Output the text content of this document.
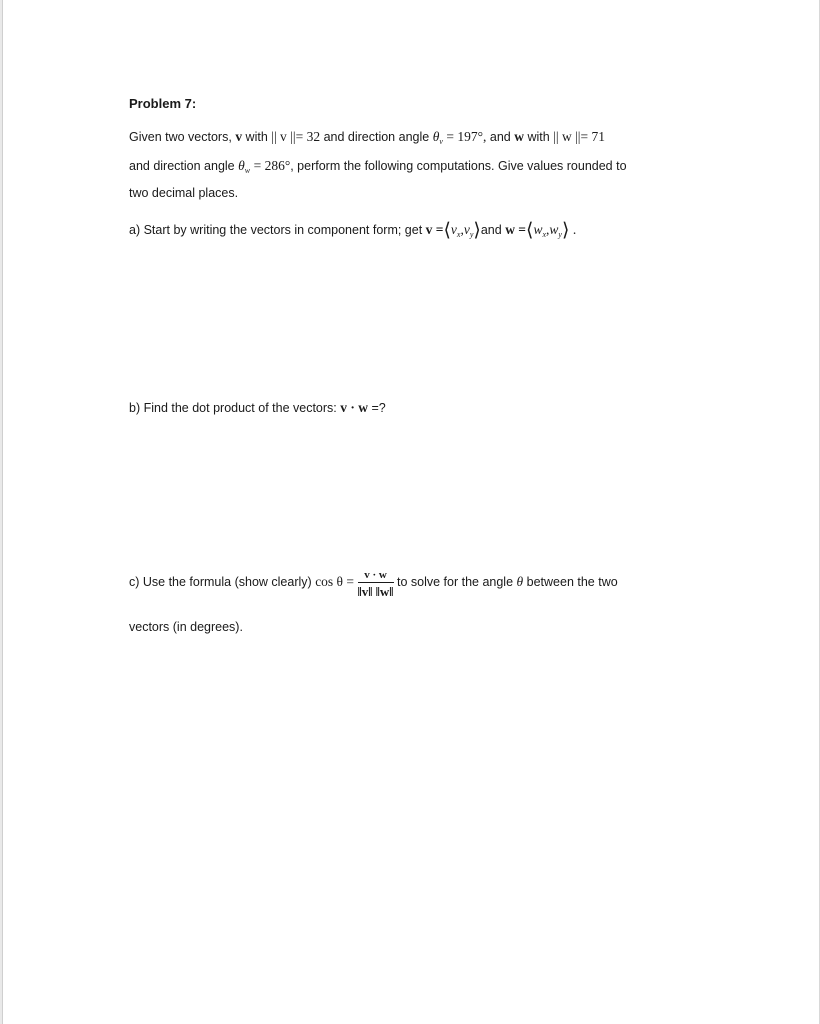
Problem 7:
Given two vectors, v with || v ||= 32 and direction angle $\theta_v = 197^\circ$, and w with || w ||= 71
and direction angle $\theta_w = 286^\circ$, perform the following computations. Give values rounded to
two decimal places.
a) Start by writing the vectors in component form; get $v =⟨v_x,v_y⟩and$ $w =⟨w_x,w_y⟩$ .
b) Find the dot product of the vectors: v · w =?
c) Use the formula (show clearly) $\cos \theta = \frac{v \cdot w}{‖v‖ ‖w‖}$ to solve for the angle θ between the two
vectors (in degrees).
